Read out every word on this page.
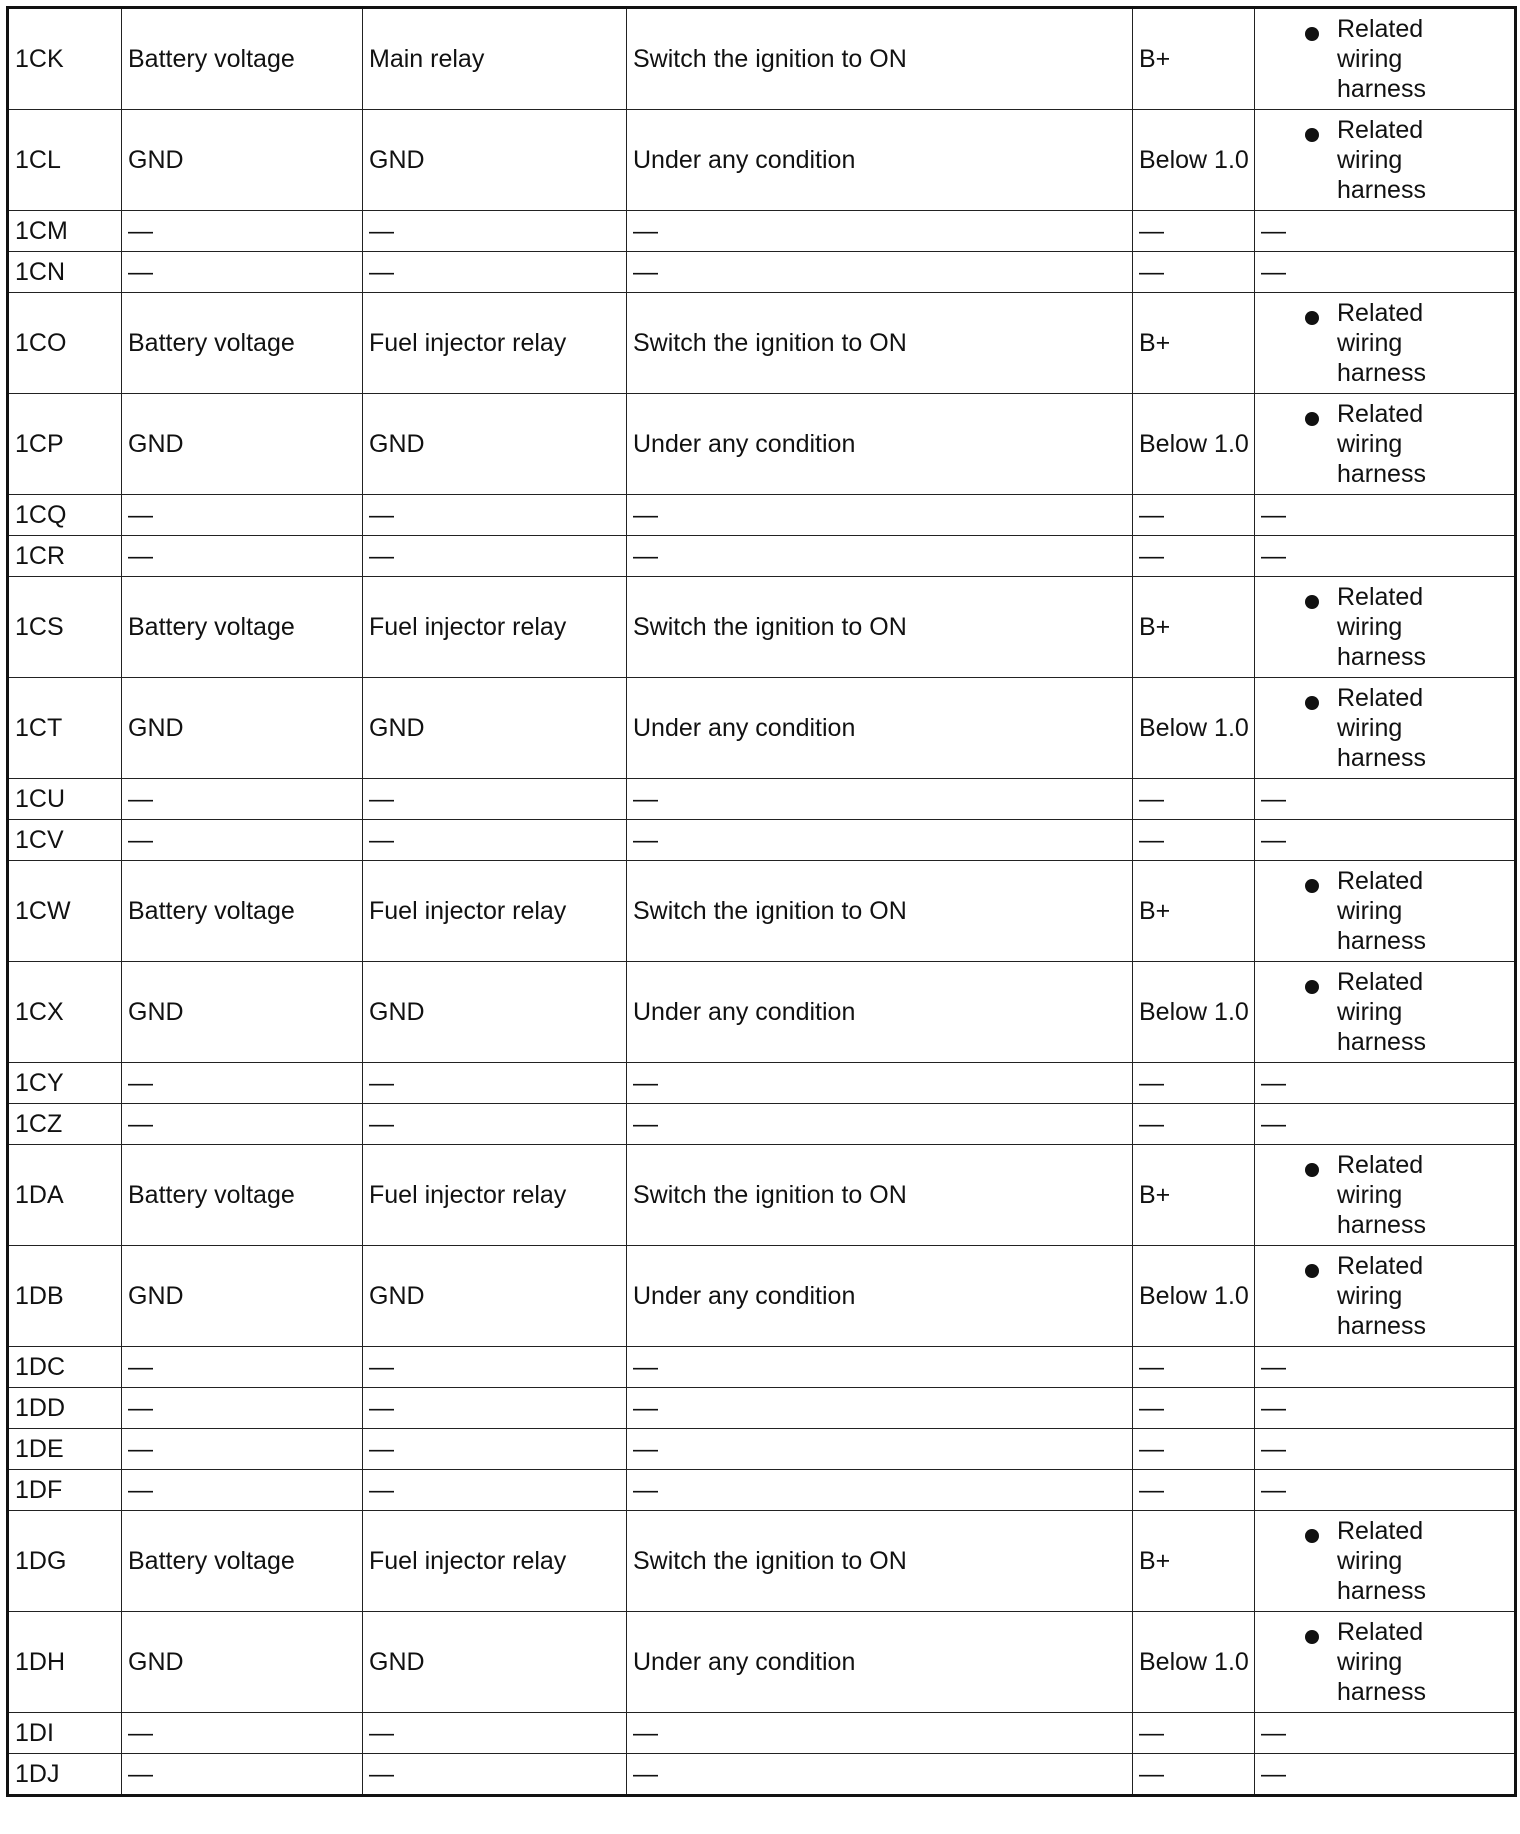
1CK	Battery voltage	Main relay	Switch the ignition to ON	B+	Related wiring harness

1CL	GND	GND	Under any condition	Below 1.0	Related wiring harness

1CM	—	—	—	—	—
1CN	—	—	—	—	—
1CO	Battery voltage	Fuel injector relay	Switch the ignition to ON	B+	Related wiring harness

1CP	GND	GND	Under any condition	Below 1.0	Related wiring harness

1CQ	—	—	—	—	—
1CR	—	—	—	—	—
1CS	Battery voltage	Fuel injector relay	Switch the ignition to ON	B+	Related wiring harness

1CT	GND	GND	Under any condition	Below 1.0	Related wiring harness

1CU	—	—	—	—	—
1CV	—	—	—	—	—
1CW	Battery voltage	Fuel injector relay	Switch the ignition to ON	B+	Related wiring harness

1CX	GND	GND	Under any condition	Below 1.0	Related wiring harness

1CY	—	—	—	—	—
1CZ	—	—	—	—	—
1DA	Battery voltage	Fuel injector relay	Switch the ignition to ON	B+	Related wiring harness

1DB	GND	GND	Under any condition	Below 1.0	Related wiring harness

1DC	—	—	—	—	—
1DD	—	—	—	—	—
1DE	—	—	—	—	—
1DF	—	—	—	—	—
1DG	Battery voltage	Fuel injector relay	Switch the ignition to ON	B+	Related wiring harness

1DH	GND	GND	Under any condition	Below 1.0	Related wiring harness

1DI	—	—	—	—	—
1DJ	—	—	—	—	—
